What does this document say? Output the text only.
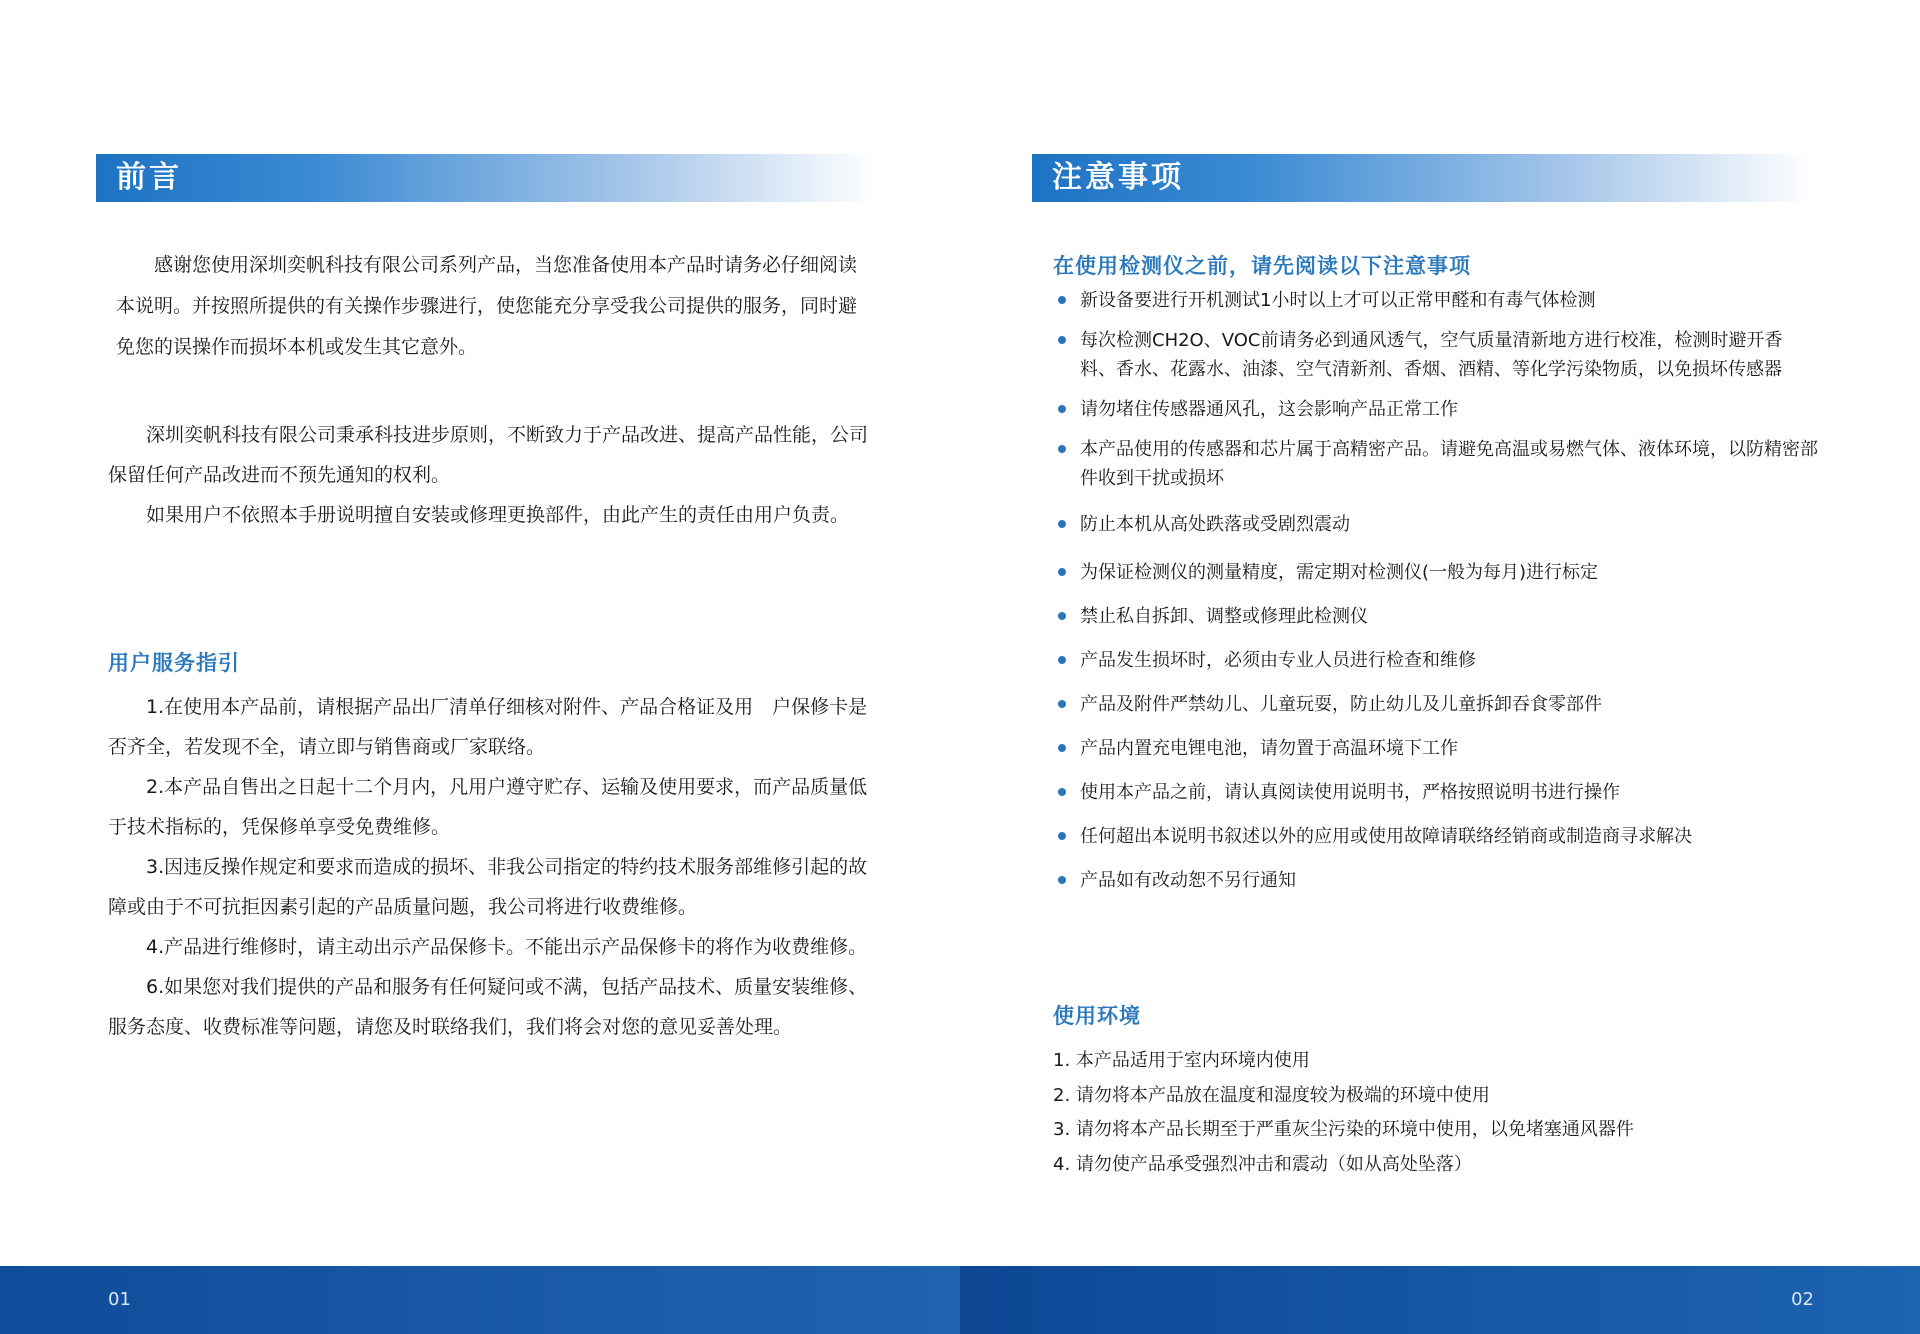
前言

感谢您使用深圳奕帆科技有限公司系列产品，当您准备使用本产品时请务必仔细阅读本说明。并按照所提供的有关操作步骤进行，使您能充分享受我公司提供的服务，同时避免您的误操作而损坏本机或发生其它意外。

深圳奕帆科技有限公司秉承科技进步原则，不断致力于产品改进、提高产品性能，公司保留任何产品改进而不预先通知的权利。

如果用户不依照本手册说明擅自安装或修理更换部件，由此产生的责任由用户负责。

用户服务指引

1.在使用本产品前，请根据产品出厂清单仔细核对附件、产品合格证及用　户保修卡是否齐全，若发现不全，请立即与销售商或厂家联络。

2.本产品自售出之日起十二个月内，凡用户遵守贮存、运输及使用要求，而产品质量低于技术指标的，凭保修单享受免费维修。

3.因违反操作规定和要求而造成的损坏、非我公司指定的特约技术服务部维修引起的故障或由于不可抗拒因素引起的产品质量问题，我公司将进行收费维修。

4.产品进行维修时，请主动出示产品保修卡。不能出示产品保修卡的将作为收费维修。

6.如果您对我们提供的产品和服务有任何疑问或不满，包括产品技术、质量安装维修、服务态度、收费标准等问题，请您及时联络我们，我们将会对您的意见妥善处理。

注意事项
在使用检测仪之前，请先阅读以下注意事项
新设备要进行开机测试1小时以上才可以正常甲醛和有毒气体检测
每次检测CH2O、VOC前请务必到通风透气，空气质量清新地方进行校准，检测时避开香料、香水、花露水、油漆、空气清新剂、香烟、酒精、等化学污染物质，以免损坏传感器
请勿堵住传感器通风孔，这会影响产品正常工作
本产品使用的传感器和芯片属于高精密产品。请避免高温或易燃气体、液体环境，以防精密部件收到干扰或损坏
防止本机从高处跌落或受剧烈震动
为保证检测仪的测量精度，需定期对检测仪(一般为每月)进行标定
禁止私自拆卸、调整或修理此检测仪
产品发生损坏时，必须由专业人员进行检查和维修
产品及附件严禁幼儿、儿童玩耍，防止幼儿及儿童拆卸吞食零部件
产品内置充电锂电池，请勿置于高温环境下工作
使用本产品之前，请认真阅读使用说明书，严格按照说明书进行操作
任何超出本说明书叙述以外的应用或使用故障请联络经销商或制造商寻求解决
产品如有改动恕不另行通知
使用环境
1. 本产品适用于室内环境内使用
2. 请勿将本产品放在温度和湿度较为极端的环境中使用
3. 请勿将本产品长期至于严重灰尘污染的环境中使用，以免堵塞通风器件
4. 请勿使产品承受强烈冲击和震动（如从高处坠落）
01	02
